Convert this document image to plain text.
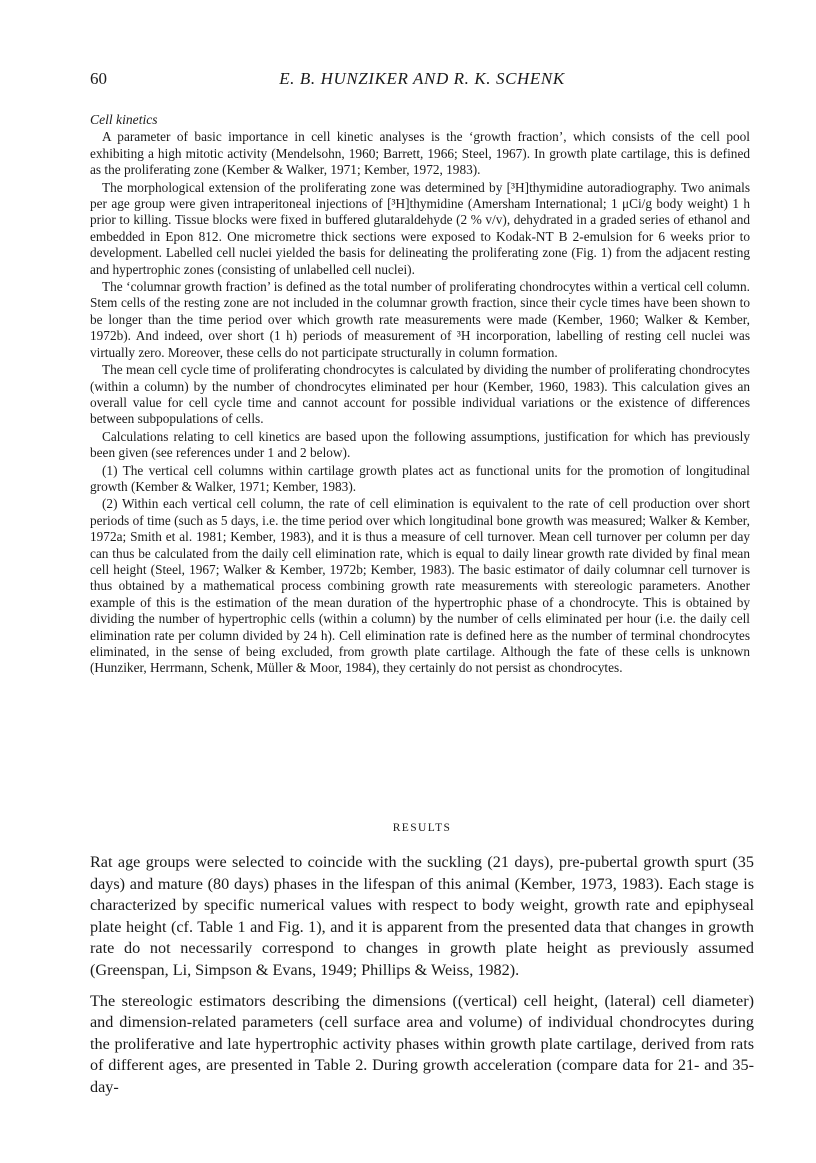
60	E. B. HUNZIKER AND R. K. SCHENK
Cell kinetics

A parameter of basic importance in cell kinetic analyses is the ‘growth fraction’, which consists of the cell pool exhibiting a high mitotic activity (Mendelsohn, 1960; Barrett, 1966; Steel, 1967). In growth plate cartilage, this is defined as the proliferating zone (Kember & Walker, 1971; Kember, 1972, 1983).

The morphological extension of the proliferating zone was determined by [³H]thymidine autoradiography. Two animals per age group were given intraperitoneal injections of [³H]thymidine (Amersham International; 1 μCi/g body weight) 1 h prior to killing. Tissue blocks were fixed in buffered glutaraldehyde (2 % v/v), dehydrated in a graded series of ethanol and embedded in Epon 812. One micrometre thick sections were exposed to Kodak-NT B 2-emulsion for 6 weeks prior to development. Labelled cell nuclei yielded the basis for delineating the proliferating zone (Fig. 1) from the adjacent resting and hypertrophic zones (consisting of unlabelled cell nuclei).

The ‘columnar growth fraction’ is defined as the total number of proliferating chondrocytes within a vertical cell column. Stem cells of the resting zone are not included in the columnar growth fraction, since their cycle times have been shown to be longer than the time period over which growth rate measurements were made (Kember, 1960; Walker & Kember, 1972b). And indeed, over short (1 h) periods of measurement of ³H incorporation, labelling of resting cell nuclei was virtually zero. Moreover, these cells do not participate structurally in column formation.

The mean cell cycle time of proliferating chondrocytes is calculated by dividing the number of proliferating chondrocytes (within a column) by the number of chondrocytes eliminated per hour (Kember, 1960, 1983). This calculation gives an overall value for cell cycle time and cannot account for possible individual variations or the existence of differences between subpopulations of cells.

Calculations relating to cell kinetics are based upon the following assumptions, justification for which has previously been given (see references under 1 and 2 below).

(1) The vertical cell columns within cartilage growth plates act as functional units for the promotion of longitudinal growth (Kember & Walker, 1971; Kember, 1983).

(2) Within each vertical cell column, the rate of cell elimination is equivalent to the rate of cell production over short periods of time (such as 5 days, i.e. the time period over which longitudinal bone growth was measured; Walker & Kember, 1972a; Smith et al. 1981; Kember, 1983), and it is thus a measure of cell turnover. Mean cell turnover per column per day can thus be calculated from the daily cell elimination rate, which is equal to daily linear growth rate divided by final mean cell height (Steel, 1967; Walker & Kember, 1972b; Kember, 1983). The basic estimator of daily columnar cell turnover is thus obtained by a mathematical process combining growth rate measurements with stereologic parameters. Another example of this is the estimation of the mean duration of the hypertrophic phase of a chondrocyte. This is obtained by dividing the number of hypertrophic cells (within a column) by the number of cells eliminated per hour (i.e. the daily cell elimination rate per column divided by 24 h). Cell elimination rate is defined here as the number of terminal chondrocytes eliminated, in the sense of being excluded, from growth plate cartilage. Although the fate of these cells is unknown (Hunziker, Herrmann, Schenk, Müller & Moor, 1984), they certainly do not persist as chondrocytes.

RESULTS

Rat age groups were selected to coincide with the suckling (21 days), pre-pubertal growth spurt (35 days) and mature (80 days) phases in the lifespan of this animal (Kember, 1973, 1983). Each stage is characterized by specific numerical values with respect to body weight, growth rate and epiphyseal plate height (cf. Table 1 and Fig. 1), and it is apparent from the presented data that changes in growth rate do not necessarily correspond to changes in growth plate height as previously assumed (Greenspan, Li, Simpson & Evans, 1949; Phillips & Weiss, 1982).

The stereologic estimators describing the dimensions ((vertical) cell height, (lateral) cell diameter) and dimension-related parameters (cell surface area and volume) of individual chondrocytes during the proliferative and late hypertrophic activity phases within growth plate cartilage, derived from rats of different ages, are presented in Table 2. During growth acceleration (compare data for 21- and 35-day-
